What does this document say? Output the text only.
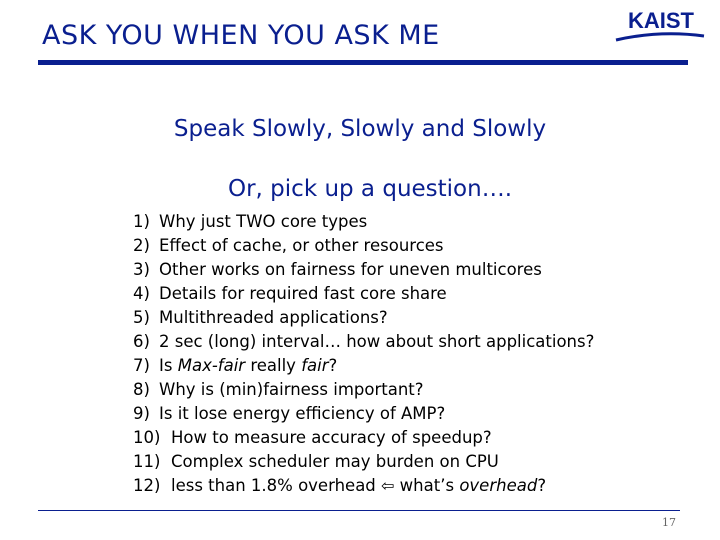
ASK YOU WHEN YOU ASK ME	KAIST
Speak Slowly, Slowly and Slowly
Or, pick up a question….
1) Why just TWO core types
2) Effect of cache, or other resources
3) Other works on fairness for uneven multicores
4) Details for required fast core share
5) Multithreaded applications?
6) 2 sec (long) interval… how about short applications?
7) Is Max-fair really fair?
8) Why is (min)fairness important?
9) Is it lose energy efficiency of AMP?
10) How to measure accuracy of speedup?
11) Complex scheduler may burden on CPU
12) less than 1.8% overhead ⇦ what’s overhead?
17
